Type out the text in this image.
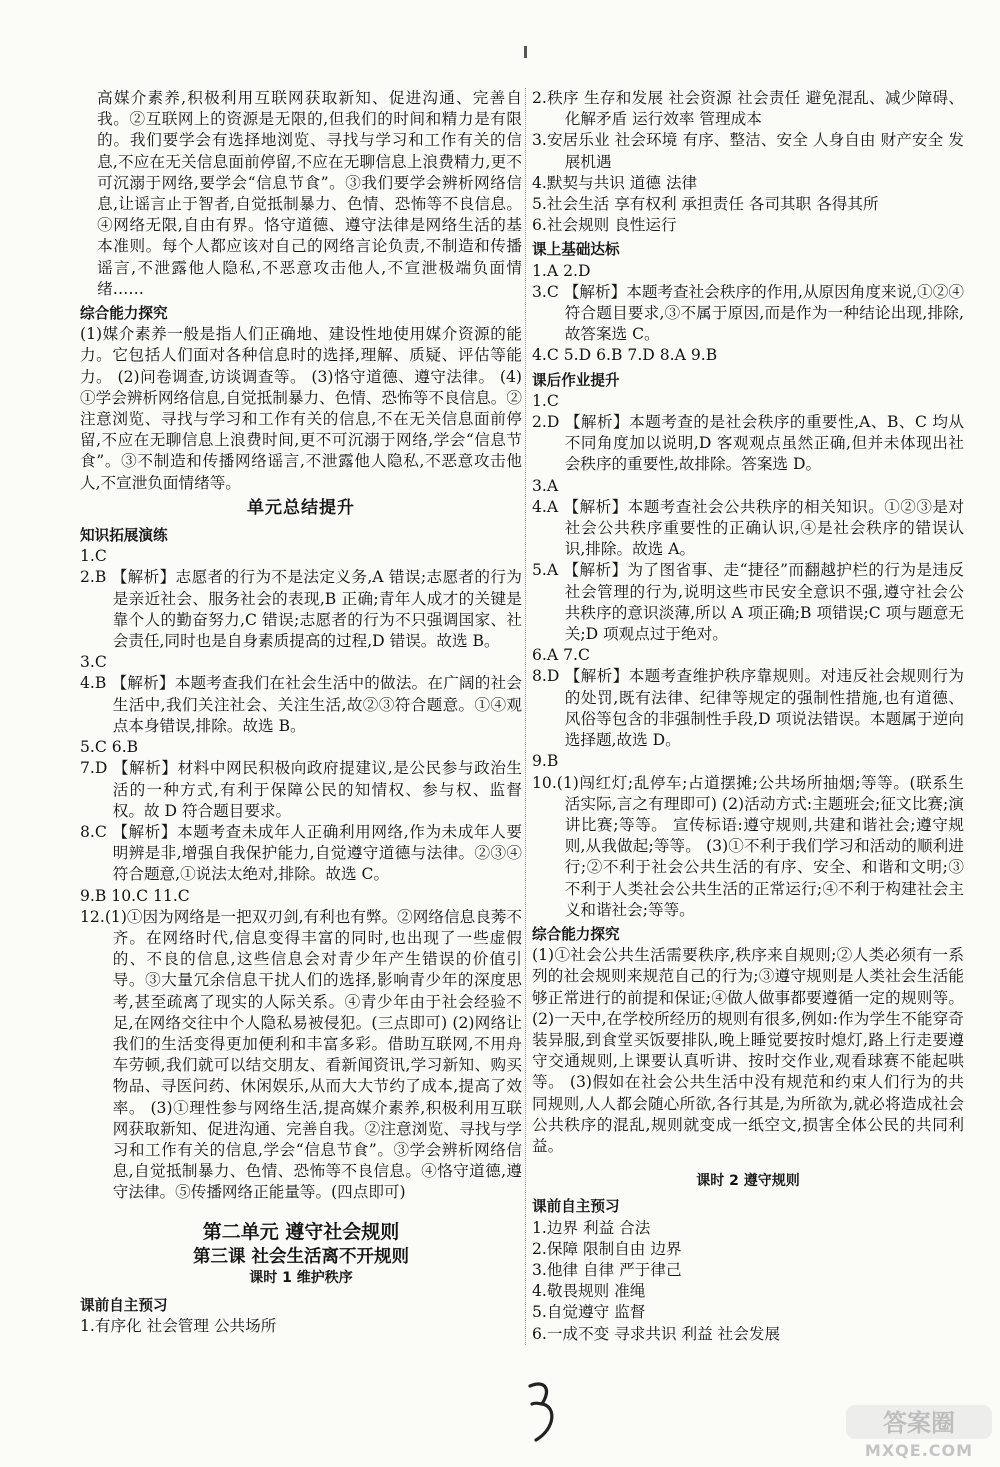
高媒介素养,积极利用互联网获取新知、促进沟通、完善自我。②互联网上的资源是无限的,但我们的时间和精力是有限的。我们要学会有选择地浏览、寻找与学习和工作有关的信息,不应在无关信息面前停留,不应在无聊信息上浪费精力,更不可沉溺于网络,要学会“信息节食”。③我们要学会辨析网络信息,让谣言止于智者,自觉抵制暴力、色情、恐怖等不良信息。④网络无限,自由有界。恪守道德、遵守法律是网络生活的基本准则。每个人都应该对自己的网络言论负责,不制造和传播谣言,不泄露他人隐私,不恶意攻击他人,不宣泄极端负面情绪……

综合能力探究

(1)媒介素养一般是指人们正确地、建设性地使用媒介资源的能力。它包括人们面对各种信息时的选择,理解、质疑、评估等能力。 (2)问卷调查,访谈调查等。 (3)恪守道德、遵守法律。 (4)①学会辨析网络信息,自觉抵制暴力、色情、恐怖等不良信息。②注意浏览、寻找与学习和工作有关的信息,不在无关信息面前停留,不应在无聊信息上浪费时间,更不可沉溺于网络,学会“信息节食”。③不制造和传播网络谣言,不泄露他人隐私,不恶意攻击他人,不宣泄负面情绪等。

单元总结提升

知识拓展演练

1.C

2.B 【解析】志愿者的行为不是法定义务,A 错误;志愿者的行为是亲近社会、服务社会的表现,B 正确;青年人成才的关键是靠个人的勤奋努力,C 错误;志愿者的行为不只强调国家、社会责任,同时也是自身素质提高的过程,D 错误。故选 B。

3.C

4.B 【解析】本题考查我们在社会生活中的做法。在广阔的社会生活中,我们关注社会、关注生活,故②③符合题意。①④观点本身错误,排除。故选 B。

5.C 6.B

7.D 【解析】材料中网民积极向政府提建议,是公民参与政治生活的一种方式,有利于保障公民的知情权、参与权、监督权。故 D 符合题目要求。

8.C 【解析】本题考查未成年人正确利用网络,作为未成年人要明辨是非,增强自我保护能力,自觉遵守道德与法律。②③④符合题意,①说法太绝对,排除。故选 C。

9.B 10.C 11.C

12.(1)①因为网络是一把双刃剑,有利也有弊。②网络信息良莠不齐。在网络时代,信息变得丰富的同时,也出现了一些虚假的、不良的信息,这些信息会对青少年产生错误的价值引导。③大量冗余信息干扰人们的选择,影响青少年的深度思考,甚至疏离了现实的人际关系。④青少年由于社会经验不足,在网络交往中个人隐私易被侵犯。(三点即可) (2)网络让我们的生活变得更加便利和丰富多彩。借助互联网,不用舟车劳顿,我们就可以结交朋友、看新闻资讯,学习新知、购买物品、寻医问药、休闲娱乐,从而大大节约了成本,提高了效率。 (3)①理性参与网络生活,提高媒介素养,积极利用互联网获取新知、促进沟通、完善自我。②注意浏览、寻找与学习和工作有关的信息,学会“信息节食”。③学会辨析网络信息,自觉抵制暴力、色情、恐怖等不良信息。④恪守道德,遵守法律。⑤传播网络正能量等。(四点即可)

第二单元 遵守社会规则

第三课 社会生活离不开规则

课时 1 维护秩序

课前自主预习

1.有序化 社会管理 公共场所

2.秩序 生存和发展 社会资源 社会责任 避免混乱、减少障碍、化解矛盾 运行效率 管理成本

3.安居乐业 社会环境 有序、整洁、安全 人身自由 财产安全 发展机遇

4.默契与共识 道德 法律

5.社会生活 享有权利 承担责任 各司其职 各得其所

6.社会规则 良性运行

课上基础达标

1.A 2.D

3.C 【解析】本题考查社会秩序的作用,从原因角度来说,①②④符合题目要求,③不属于原因,而是作为一种结论出现,排除,故答案选 C。

4.C 5.D 6.B 7.D 8.A 9.B

课后作业提升

1.C

2.D 【解析】本题考查的是社会秩序的重要性,A、B、C 均从不同角度加以说明,D 客观观点虽然正确,但并未体现出社会秩序的重要性,故排除。答案选 D。

3.A

4.A 【解析】本题考查社会公共秩序的相关知识。①②③是对社会公共秩序重要性的正确认识,④是社会秩序的错误认识,排除。故选 A。

5.A 【解析】为了图省事、走“捷径”而翻越护栏的行为是违反社会管理的行为,说明这些市民安全意识不强,遵守社会公共秩序的意识淡薄,所以 A 项正确;B 项错误;C 项与题意无关;D 项观点过于绝对。

6.A 7.C

8.D 【解析】本题考查维护秩序靠规则。对违反社会规则行为的处罚,既有法律、纪律等规定的强制性措施,也有道德、风俗等包含的非强制性手段,D 项说法错误。本题属于逆向选择题,故选 D。

9.B

10.(1)闯红灯;乱停车;占道摆摊;公共场所抽烟;等等。(联系生活实际,言之有理即可) (2)活动方式:主题班会;征文比赛;演讲比赛;等等。 宣传标语:遵守规则,共建和谐社会;遵守规则,从我做起;等等。 (3)①不利于我们学习和活动的顺利进行;②不利于社会公共生活的有序、安全、和谐和文明;③不利于人类社会公共生活的正常运行;④不利于构建社会主义和谐社会;等等。

综合能力探究

(1)①社会公共生活需要秩序,秩序来自规则;②人类必须有一系列的社会规则来规范自己的行为;③遵守规则是人类社会生活能够正常进行的前提和保证;④做人做事都要遵循一定的规则等。 (2)一天中,在学校所经历的规则有很多,例如:作为学生不能穿奇装异服,到食堂买饭要排队,晚上睡觉要按时熄灯,路上行走要遵守交通规则,上课要认真听讲、按时交作业,观看球赛不能起哄等。 (3)假如在社会公共生活中没有规范和约束人们行为的共同规则,人人都会随心所欲,各行其是,为所欲为,就必将造成社会公共秩序的混乱,规则就变成一纸空文,损害全体公民的共同利益。

课时 2 遵守规则

课前自主预习

1.边界 利益 合法

2.保障 限制自由 边界

3.他律 自律 严于律己

4.敬畏规则 准绳

5.自觉遵守 监督

6.一成不变 寻求共识 利益 社会发展

答案圈
MXQE.COM
